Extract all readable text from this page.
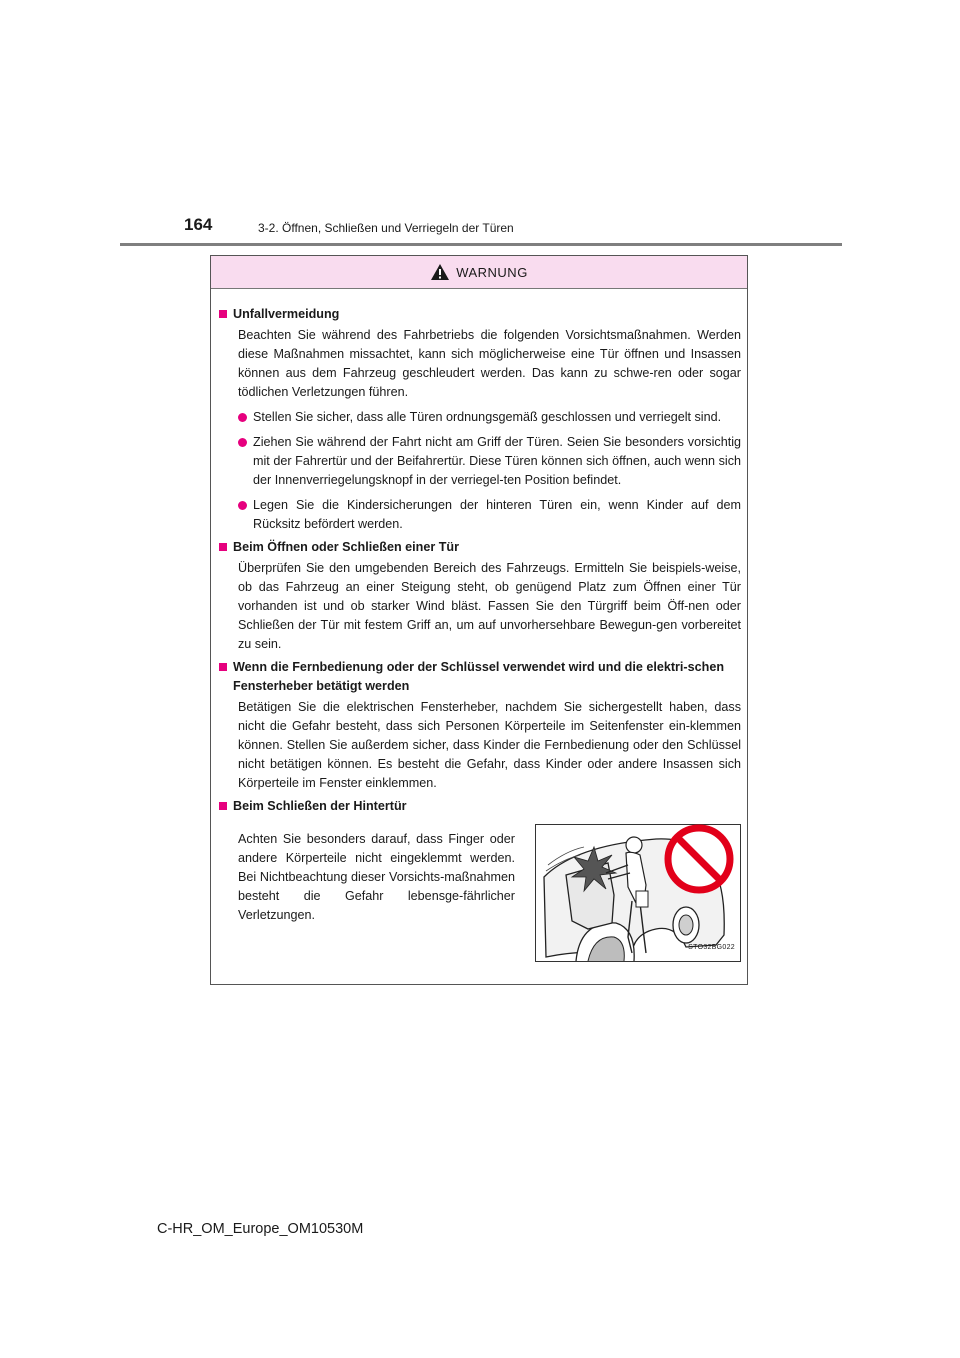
164	3-2. Öffnen, Schließen und Verriegeln der Türen
WARNUNG
Unfallvermeidung
Beachten Sie während des Fahrbetriebs die folgenden Vorsichtsmaßnahmen. Werden diese Maßnahmen missachtet, kann sich möglicherweise eine Tür öffnen und Insassen können aus dem Fahrzeug geschleudert werden. Das kann zu schwe-ren oder sogar tödlichen Verletzungen führen.
Stellen Sie sicher, dass alle Türen ordnungsgemäß geschlossen und verriegelt sind.
Ziehen Sie während der Fahrt nicht am Griff der Türen. Seien Sie besonders vorsichtig mit der Fahrertür und der Beifahrertür. Diese Türen können sich öffnen, auch wenn sich der Innenverriegelungsknopf in der verriegel-ten Position befindet.
Legen Sie die Kindersicherungen der hinteren Türen ein, wenn Kinder auf dem Rücksitz befördert werden.
Beim Öffnen oder Schließen einer Tür
Überprüfen Sie den umgebenden Bereich des Fahrzeugs. Ermitteln Sie beispiels-weise, ob das Fahrzeug an einer Steigung steht, ob genügend Platz zum Öffnen einer Tür vorhanden ist und ob starker Wind bläst. Fassen Sie den Türgriff beim Öff-nen oder Schließen der Tür mit festem Griff an, um auf unvorhersehbare Bewegun-gen vorbereitet zu sein.
Wenn die Fernbedienung oder der Schlüssel verwendet wird und die elektri-schen Fensterheber betätigt werden
Betätigen Sie die elektrischen Fensterheber, nachdem Sie sichergestellt haben, dass nicht die Gefahr besteht, dass sich Personen Körperteile im Seitenfenster ein-klemmen können. Stellen Sie außerdem sicher, dass Kinder die Fernbedienung oder den Schlüssel nicht betätigen können. Es besteht die Gefahr, dass Kinder oder andere Insassen sich Körperteile im Fenster einklemmen.
Beim Schließen der Hintertür
Achten Sie besonders darauf, dass Finger oder andere Körperteile nicht eingeklemmt werden. Bei Nichtbeachtung dieser Vorsichts-maßnahmen besteht die Gefahr lebensge-fährlicher Verletzungen.
STO32BG022
C-HR_OM_Europe_OM10530M
